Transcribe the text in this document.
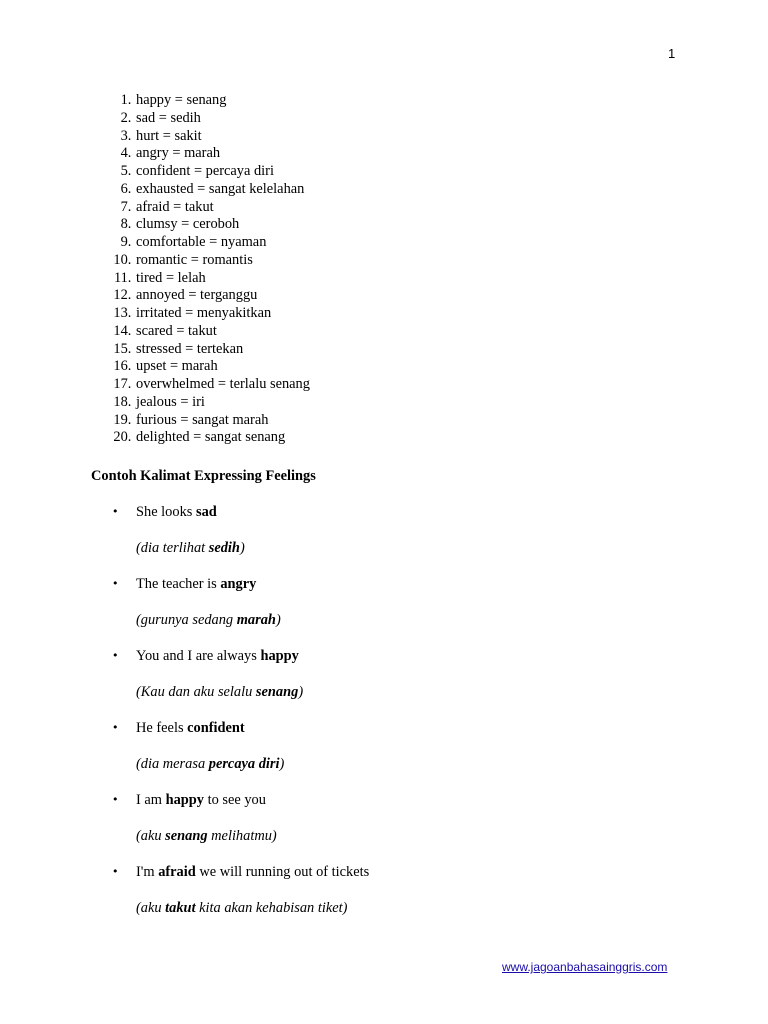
1
1. happy = senang
2. sad = sedih
3. hurt = sakit
4. angry = marah
5. confident = percaya diri
6. exhausted = sangat kelelahan
7. afraid = takut
8. clumsy = ceroboh
9. comfortable = nyaman
10. romantic = romantis
11. tired = lelah
12. annoyed = terganggu
13. irritated = menyakitkan
14. scared = takut
15. stressed = tertekan
16. upset = marah
17. overwhelmed = terlalu senang
18. jealous = iri
19. furious = sangat marah
20. delighted = sangat senang
Contoh Kalimat Expressing Feelings
• She looks sad
(dia terlihat sedih)
• The teacher is angry
(gurunya sedang marah)
• You and I are always happy
(Kau dan aku selalu senang)
• He feels confident
(dia merasa percaya diri)
• I am happy to see you
(aku senang melihatmu)
• I'm afraid we will running out of tickets
(aku takut kita akan kehabisan tiket)
www.jagoanbahasainggris.com
